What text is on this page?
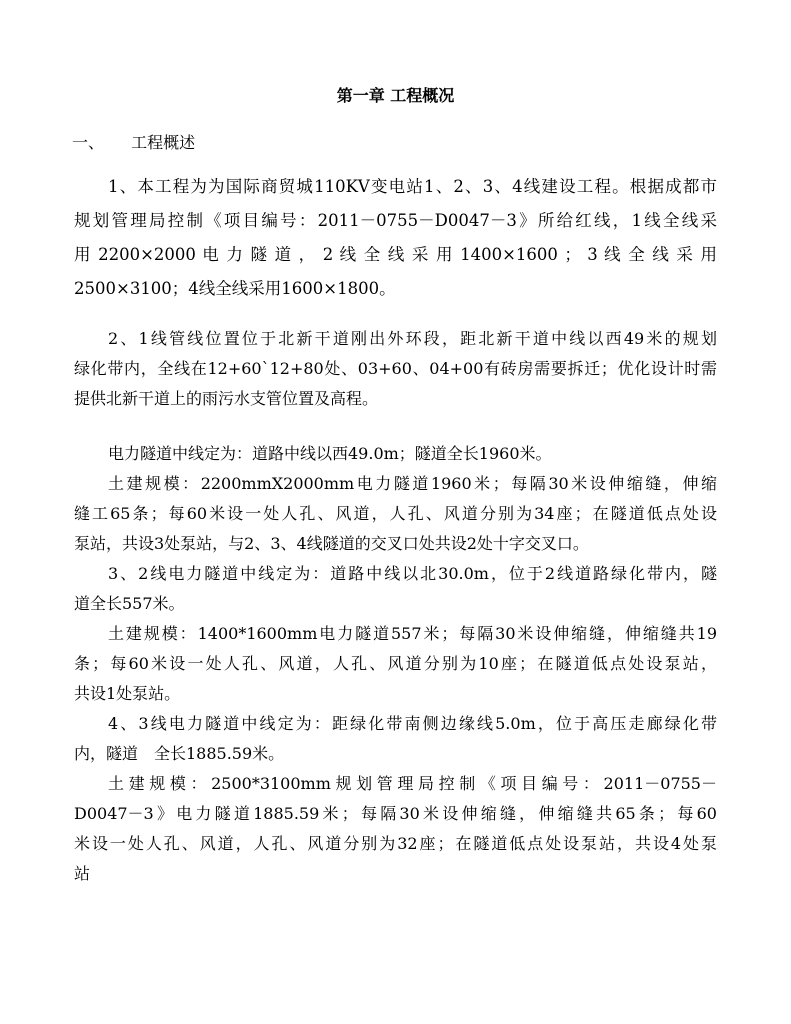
第一章 工程概况
一、 工程概述
1、本工程为为国际商贸城110KV变电站1、2、3、4线建设工程。根据成都市
规划管理局控制《项目编号：2011－0755－D0047－3》所给红线，1线全线采
用 2200×2000 电 力 隧 道 ， 2 线 全 线 采 用 1400×1600 ； 3 线 全 线 采 用
2500×3100；4线全线采用1600×1800。
2、1线管线位置位于北新干道刚出外环段，距北新干道中线以西49米的规划
绿化带内，全线在12+60`12+80处、03+60、04+00有砖房需要拆迁；优化设计时需
提供北新干道上的雨污水支管位置及高程。
电力隧道中线定为：道路中线以西49.0m；隧道全长1960米。
土建规模：2200mmX2000mm电力隧道1960米；每隔30米设伸缩缝，伸缩
缝工65条；每60米设一处人孔、风道，人孔、风道分别为34座；在隧道低点处设
泵站，共设3处泵站，与2、3、4线隧道的交叉口处共设2处十字交叉口。
3、2线电力隧道中线定为：道路中线以北30.0m，位于2线道路绿化带内，隧
道全长557米。
土建规模：1400*1600mm电力隧道557米；每隔30米设伸缩缝，伸缩缝共19
条；每60米设一处人孔、风道，人孔、风道分别为10座；在隧道低点处设泵站，
共设1处泵站。
4、3线电力隧道中线定为：距绿化带南侧边缘线5.0m，位于高压走廊绿化带
内，隧道　全长1885.59米。
土建规模：2500*3100mm规划管理局控制《项目编号：2011－0755－
D0047－3》电力隧道1885.59米；每隔30米设伸缩缝，伸缩缝共65条；每60
米设一处人孔、风道，人孔、风道分别为32座；在隧道低点处设泵站，共设4处泵
站
